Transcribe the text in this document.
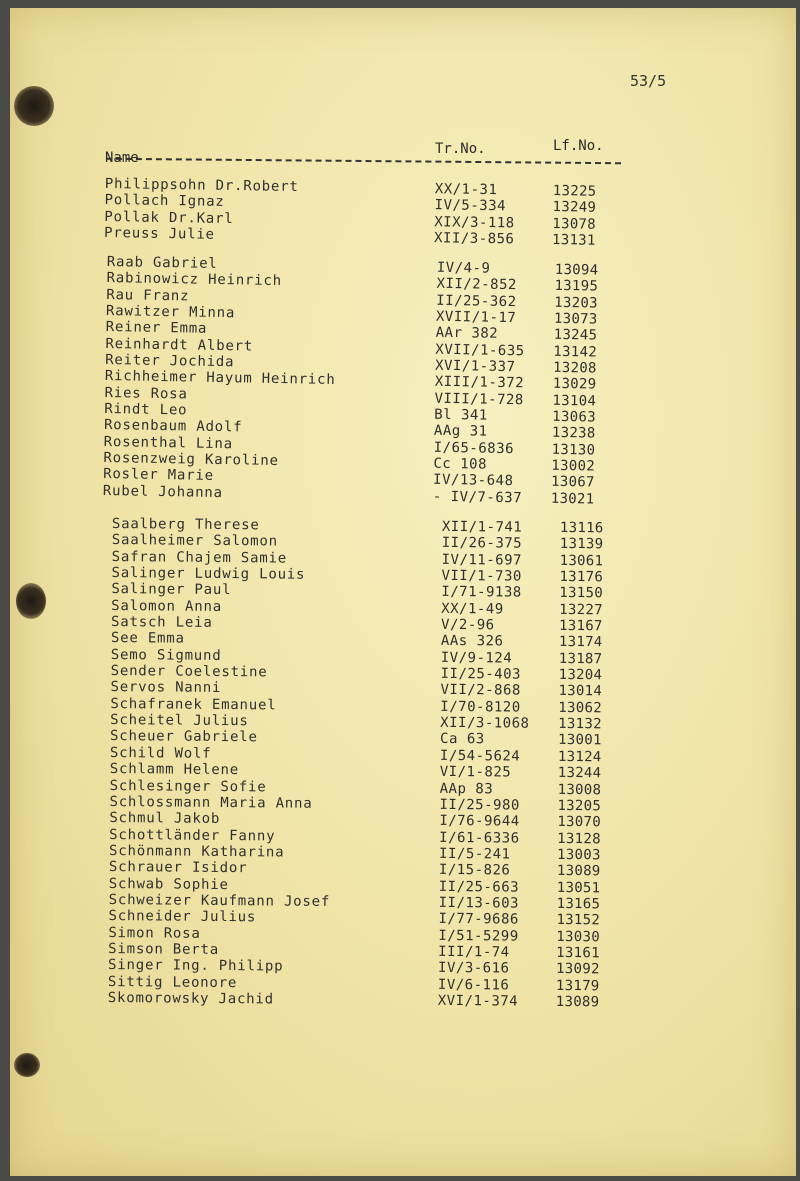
53/5
Name
Tr.No.	Lf.No.
Philippsohn Dr.Robert	XX/1-31	13225
Pollach Ignaz	IV/5-334	13249
Pollak Dr.Karl	XIX/3-118	13078
Preuss Julie	XII/3-856	13131
Raab Gabriel	IV/4-9	13094
Rabinowicz Heinrich	XII/2-852	13195
Rau Franz	II/25-362	13203
Rawitzer Minna	XVII/1-17	13073
Reiner Emma	AAr 382	13245
Reinhardt Albert	XVII/1-635 13142
Reiter Jochida	XVI/1-337	13208
Richheimer Hayum Heinrich	XIII/1-372 13029
Ries Rosa	VIII/1-728 13104
Rindt Leo	Bl 341	13063
Rosenbaum Adolf	AAg 31	13238
Rosenthal Lina	I/65-6836	13130
Rosenzweig Karoline	Cc 108	13002
Rosler Marie	IV/13-648	13067
Rubel Johanna	- IV/7-637 13021
Saalberg Therese	XII/1-741	13116
Saalheimer Salomon	II/26-375	13139
Safran Chajem Samie	IV/11-697	13061
Salinger Ludwig Louis	VII/1-730	13176
Salinger Paul	I/71-9138	13150
Salomon Anna	XX/1-49	13227
Satsch Leia	V/2-96	13167
See Emma	AAs 326	13174
Semo Sigmund	IV/9-124	13187
Sender Coelestine	II/25-403	13204
Servos Nanni	VII/2-868	13014
Schafranek Emanuel	I/70-8120	13062
Scheitel Julius	XII/3-1068 13132
Scheuer Gabriele	Ca 63	13001
Schild Wolf	I/54-5624	13124
Schlamm Helene	VI/1-825	13244
Schlesinger Sofie	AAp 83	13008
Schlossmann Maria Anna	II/25-980	13205
Schmul Jakob	I/76-9644	13070
Schottländer Fanny	I/61-6336	13128
Schönmann Katharina	II/5-241	13003
Schrauer Isidor	I/15-826	13089
Schwab Sophie	II/25-663	13051
Schweizer Kaufmann Josef	II/13-603	13165
Schneider Julius	I/77-9686	13152
Simon Rosa	I/51-5299	13030
Simson Berta	III/1-74	13161
Singer Ing. Philipp	IV/3-616	13092
Sittig Leonore	IV/6-116	13179
Skomorowsky Jachid	XVI/1-374	13089
